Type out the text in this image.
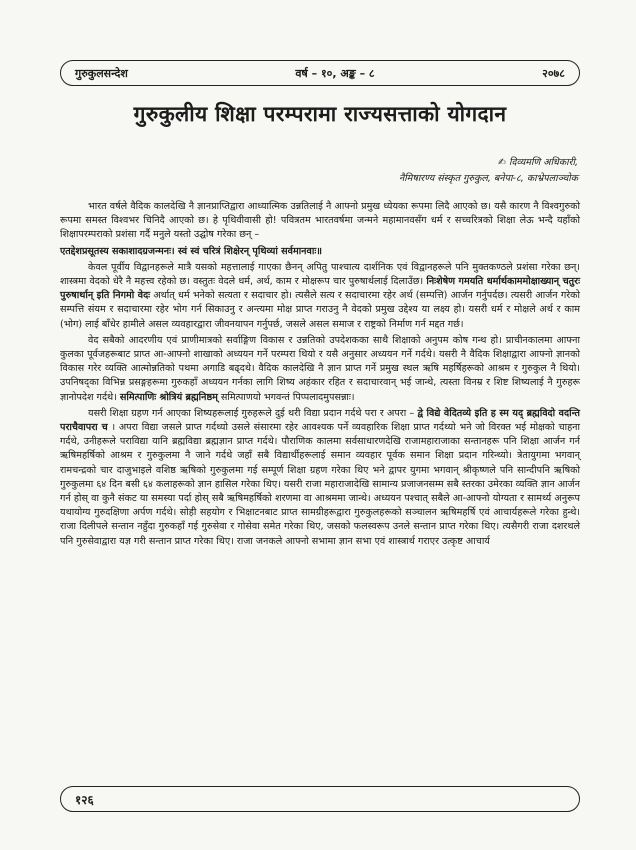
गुरुकुलसन्देश	वर्ष – १०, अङ्क – ८	२०७८
गुरुकुलीय शिक्षा परम्परामा राज्यसत्ताको योगदान
✍ दिव्यमणि अधिकारी,
नैमिषारण्य संस्कृत गुरुकुल, बनेपा-८, काभ्रेपलाञ्चोक

भारत वर्षले वैदिक कालदेखि नै ज्ञानप्राप्तिद्वारा आध्यात्मिक उन्नतिलाई नै आफ्नो प्रमुख ध्येयका रूपमा लिदै आएको छ। यसै कारण नै विश्वगुरुको रूपमा समस्त विश्वभर चिनिदै आएको छ। हे पृथिवीवासी हो! पवित्रतम भारतवर्षमा जन्मने महामानवसँग धर्म र सच्चरित्रको शिक्षा लेऊ भन्दै यहाँको शिक्षापरम्पराको प्रशंसा गर्दै मनुले यस्तो उद्घोष गरेका छन् –

एतद्देशप्रसूतस्य सकाशादग्रजन्मनः। स्वं स्वं चरित्रं शिक्षेरन् पृथिव्यां सर्वमानवाः॥

केवल पूर्वीय विद्वानहरूले मात्रै यसको महत्तालाई गाएका छैनन् अपितु पाश्चात्य दार्शनिक एवं विद्वानहरूले पनि मुक्तकण्ठले प्रशंसा गरेका छन्। शास्त्रमा वेदको धेरै नै महत्त्व रहेको छ। वस्तुतः वेदले धर्म, अर्थ, काम र मोक्षरूप चार पुरुषार्थलाई दिलाउँछ। निःशेषेण गमयति धर्मार्थकाममोक्षाख्यान् चतुरः पुरुषार्थान् इति निगमो वेदः अर्थात् धर्म भनेको सत्यता र सदाचार हो। त्यसैले सत्य र सदाचारमा रहेर अर्थ (सम्पत्ति) आर्जन गर्नुपर्दछ। त्यसरी आर्जन गरेको सम्पत्ति संयम र सदाचारमा रहेर भोग गर्न सिकाउनु र अन्त्यमा मोक्ष प्राप्त गराउनु नै वेदको प्रमुख उद्देश्य या लक्ष्य हो। यसरी धर्म र मोक्षले अर्थ र काम (भोग) लाई बाँधेर हामीले असल व्यवहारद्वारा जीवनयापन गर्नुपर्छ, जसले असल समाज र राष्ट्रको निर्माण गर्न मद्दत गर्छ।

वेद सबैको आदरणीय एवं प्राणीमात्रको सर्वाङ्गिण विकास र उन्नतिको उपदेशकका साथै शिक्षाको अनुपम कोष गन्थ हो। प्राचीनकालमा आफ्ना कुलका पूर्वजहरूबाट प्राप्त आ-आफ्नो शाखाको अध्ययन गर्ने परम्परा थियो र यसै अनुसार अध्ययन गर्ने गर्दथे। यसरी नै वैदिक शिक्षाद्वारा आफ्नो ज्ञानको विकास गरेर व्यक्ति आत्मोन्नतिको पथमा अगाडि बढ्दथे। वैदिक कालदेखि नै ज्ञान प्राप्त गर्ने प्रमुख स्थल ऋषि महर्षिहरूको आश्रम र गुरुकुल नै थियो। उपनिषद्का विभिन्न प्रसङ्गहरूमा गुरुकहाँ अध्ययन गर्नका लागि शिष्य अहंकार रहित र सदाचारवान् भई जान्थे, त्यस्ता विनम्र र शिष्ट शिष्यलाई नै गुरुहरू ज्ञानोपदेश गर्दथे। समित्पाणिः श्रोत्रियं ब्रह्मनिष्ठम् समित्पाणयो भगवन्तं पिप्पलादमुपसन्नाः।

यसरी शिक्षा ग्रहण गर्न आएका शिष्यहरूलाई गुरुहरूले दुई थरी विद्या प्रदान गर्दथे परा र अपरा – द्वे विद्ये वेदितव्ये इति ह स्म यद् ब्रह्मविदो वदन्ति पराचैवापरा च । अपरा विद्या जसले प्राप्त गर्दथ्यो उसले संसारमा रहेर आवश्यक पर्ने व्यवहारिक शिक्षा प्राप्त गर्दथ्यो भने जो विरक्त भई मोक्षको चाहना गर्दथे, उनीहरूले पराविद्या यानि ब्रह्मविद्या ब्रह्मज्ञान प्राप्त गर्दथे। पौराणिक कालमा सर्वसाधारणदेखि राजामहाराजाका सन्तानहरू पनि शिक्षा आर्जन गर्न ऋषिमहर्षिको आश्रम र गुरुकुलमा नै जाने गर्दथे जहाँ सबै विद्यार्थीहरूलाई समान व्यवहार पूर्वक समान शिक्षा प्रदान गरिन्थ्यो। त्रेतायुगमा भगवान् रामचन्द्रको चार दाजुभाइले वशिष्ठ ऋषिको गुरुकुलमा गई सम्पूर्ण शिक्षा ग्रहण गरेका थिए भने द्वापर युगमा भगवान् श्रीकृष्णले पनि सान्दीपनि ऋषिको गुरुकुलमा ६४ दिन बसी ६४ कलाहरूको ज्ञान हासिल गरेका थिए। यसरी राजा महाराजादेखि सामान्य प्रजाजनसम्म सबै स्तरका उमेरका व्यक्ति ज्ञान आर्जन गर्न होस् वा कुनै संकट या समस्या पर्दा होस् सबै ऋषिमहर्षिको शरणमा वा आश्रममा जान्थे। अध्ययन पश्चात् सबैले आ-आफ्नो योग्यता र सामर्थ्य अनुरूप यथायोग्य गुरुदक्षिणा अर्पण गर्दथे। सोही सहयोग र भिक्षाटनबाट प्राप्त सामग्रीहरूद्वारा गुरुकुलहरूको सञ्चालन ऋषिमहर्षि एवं आचार्यहरूले गरेका हुन्थे। राजा दिलीपले सन्तान नहुँदा गुरुकहाँ गई गुरुसेवा र गोसेवा समेत गरेका थिए, जसको फलस्वरूप उनले सन्तान प्राप्त गरेका थिए। त्यसैगरी राजा दशरथले पनि गुरुसेवाद्वारा यज्ञ गरी सन्तान प्राप्त गरेका थिए। राजा जनकले आफ्नो सभामा ज्ञान सभा एवं शास्त्रार्थ गराएर उत्कृष्ट आचार्य

१२६
